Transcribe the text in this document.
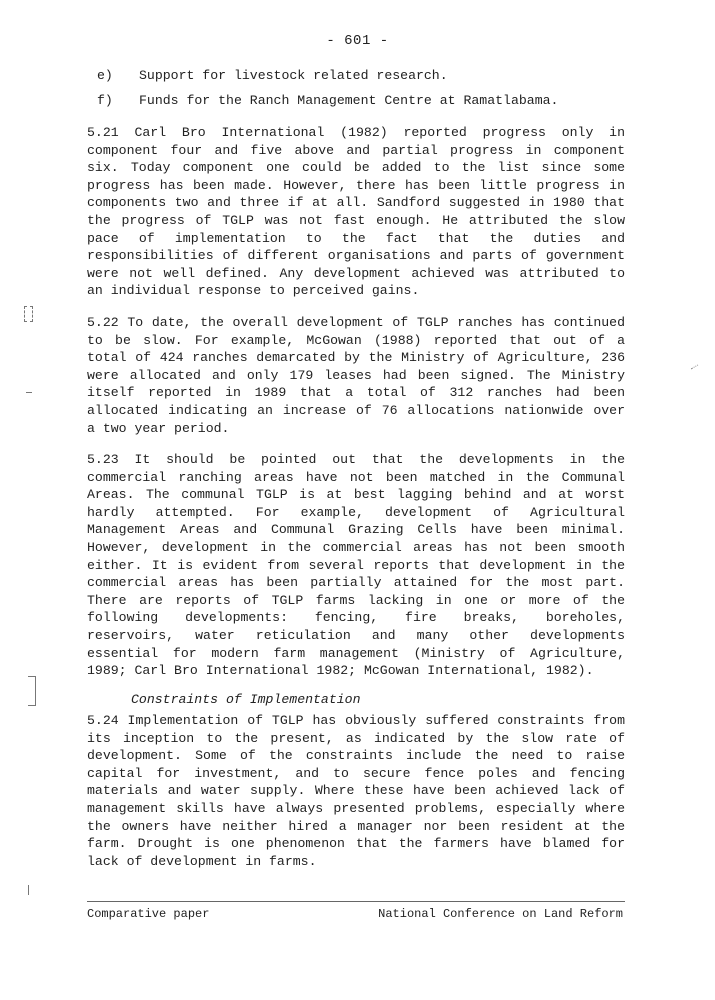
- 601 -
e) Support for livestock related research.
f) Funds for the Ranch Management Centre at Ramatlabama.

5.21 Carl Bro International (1982) reported progress only in component four and five above and partial progress in component six. Today component one could be added to the list since some progress has been made. However, there has been little progress in components two and three if at all. Sandford suggested in 1980 that the progress of TGLP was not fast enough. He attributed the slow pace of implementation to the fact that the duties and responsibilities of different organisations and parts of government were not well defined. Any development achieved was attributed to an individual response to perceived gains.

5.22 To date, the overall development of TGLP ranches has continued to be slow. For example, McGowan (1988) reported that out of a total of 424 ranches demarcated by the Ministry of Agriculture, 236 were allocated and only 179 leases had been signed. The Ministry itself reported in 1989 that a total of 312 ranches had been allocated indicating an increase of 76 allocations nationwide over a two year period.

5.23 It should be pointed out that the developments in the commercial ranching areas have not been matched in the Communal Areas. The communal TGLP is at best lagging behind and at worst hardly attempted. For example, development of Agricultural Management Areas and Communal Grazing Cells have been minimal. However, development in the commercial areas has not been smooth either. It is evident from several reports that development in the commercial areas has been partially attained for the most part. There are reports of TGLP farms lacking in one or more of the following developments: fencing, fire breaks, boreholes, reservoirs, water reticulation and many other developments essential for modern farm management (Ministry of Agriculture, 1989; Carl Bro International 1982; McGowan International, 1982).

Constraints of Implementation

5.24 Implementation of TGLP has obviously suffered constraints from its inception to the present, as indicated by the slow rate of development. Some of the constraints include the need to raise capital for investment, and to secure fence poles and fencing materials and water supply. Where these have been achieved lack of management skills have always presented problems, especially where the owners have neither hired a manager nor been resident at the farm. Drought is one phenomenon that the farmers have blamed for lack of development in farms.

Comparative paper	National Conference on Land Reform
